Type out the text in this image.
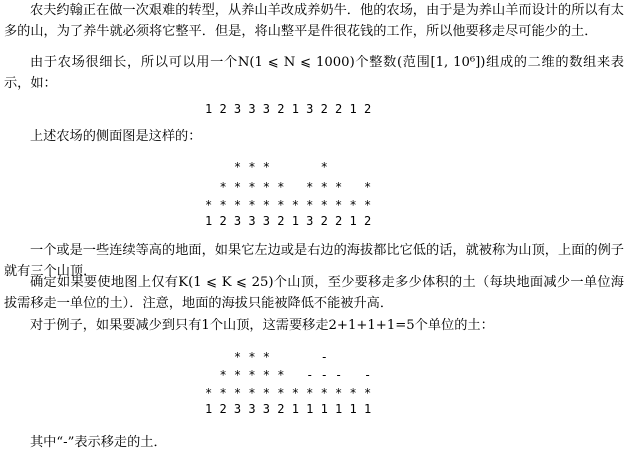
农夫约翰正在做一次艰难的转型，从养山羊改成养奶牛．他的农场，由于是为养山羊而设计的所以有太多的山，为了养牛就必须将它整平．但是，将山整平是件很花钱的工作，所以他要移走尽可能少的土．

由于农场很细长，所以可以用一个N(1 ⩽ N ⩽ 1000)个整数(范围[1, 10⁶])组成的二维的数组来表示，如：

1 2 3 3 3 2 1 3 2 2 1 2

上述农场的侧面图是这样的：

* * *       *
* * * * *   * * *   *
* * * * * * * * * * * *
1 2 3 3 3 2 1 3 2 2 1 2

一个或是一些连续等高的地面，如果它左边或是右边的海拔都比它低的话，就被称为山顶，上面的例子就有三个山顶．

确定如果要使地图上仅有K(1 ⩽ K ⩽ 25)个山顶，至少要移走多少体积的土（每块地面减少一单位海拔需移走一单位的土）．注意，地面的海拔只能被降低不能被升高．

对于例子，如果要减少到只有1个山顶，这需要移走2+1+1+1=5个单位的土：

* * *       -
* * * * *   - - -   -
* * * * * * * * * * * *
1 2 3 3 3 2 1 1 1 1 1 1

其中“-”表示移走的土．
